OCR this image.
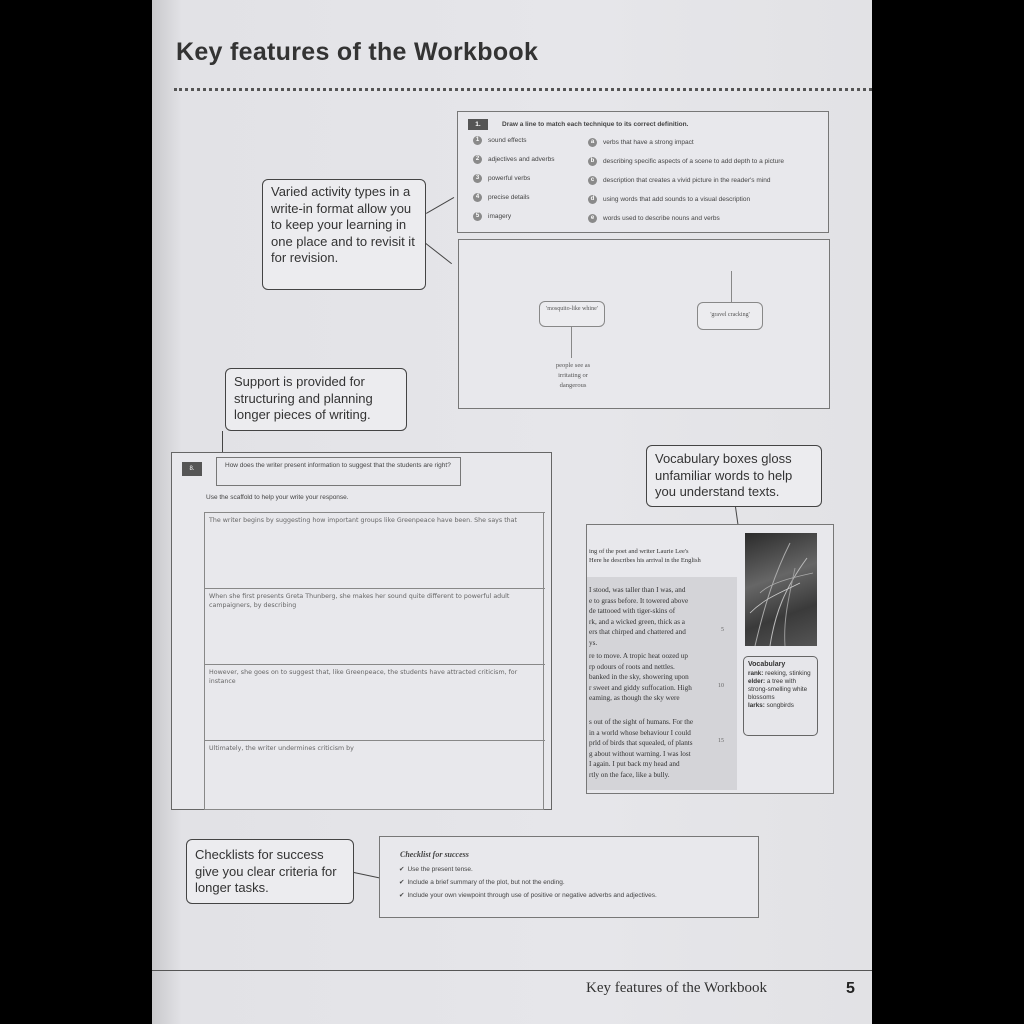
Key features of the Workbook
1.	Draw a line to match each technique to its correct definition.
1	sound effects
2	adjectives and adverbs
3	powerful verbs
4	precise details
5	imagery
a	verbs that have a strong impact
b	describing specific aspects of a scene to add depth to a picture
c	description that creates a vivid picture in the reader's mind
d	using words that add sounds to a visual description
e	words used to describe nouns and verbs
Varied activity types in a write-in format allow you to keep your learning in one place and to revisit it for revision.
'mosquito-like whine'
'gravel cracking'
people see as irritating or dangerous
Support is provided for structuring and planning longer pieces of writing.
8.	How does the writer present information to suggest that the students are right?
Use the scaffold to help your write your response.
The writer begins by suggesting how important groups like Greenpeace have been. She says that
When she first presents Greta Thunberg, she makes her sound quite different to powerful adult campaigners, by describing
However, she goes on to suggest that, like Greenpeace, the students have attracted criticism, for instance
Ultimately, the writer undermines criticism by
Vocabulary boxes gloss unfamiliar words to help you understand texts.
ing of the poet and writer Laurie Lee's
Here he describes his arrival in the English
I stood, was taller than I was, and
e to grass before. It towered above
de tattooed with tiger-skins of
rk, and a wicked green, thick as a
ers that chirped and chattered and
ys.
re to move. A tropic heat oozed up
rp odours of roots and nettles.
banked in the sky, showering upon
r sweet and giddy suffocation. High
eaming, as though the sky were
s out of the sight of humans. For the
in a world whose behaviour I could
prld of birds that squealed, of plants
g about without warning. I was lost
I again. I put back my head and
rtly on the face, like a bully.
5
10
15
Vocabulary
rank: reeking, stinking
elder: a tree with strong-smelling white blossoms
larks: songbirds
Checklists for success give you clear criteria for longer tasks.
Checklist for success
✔ Use the present tense.
✔ Include a brief summary of the plot, but not the ending.
✔ Include your own viewpoint through use of positive or negative adverbs and adjectives.
Key features of the Workbook	5
